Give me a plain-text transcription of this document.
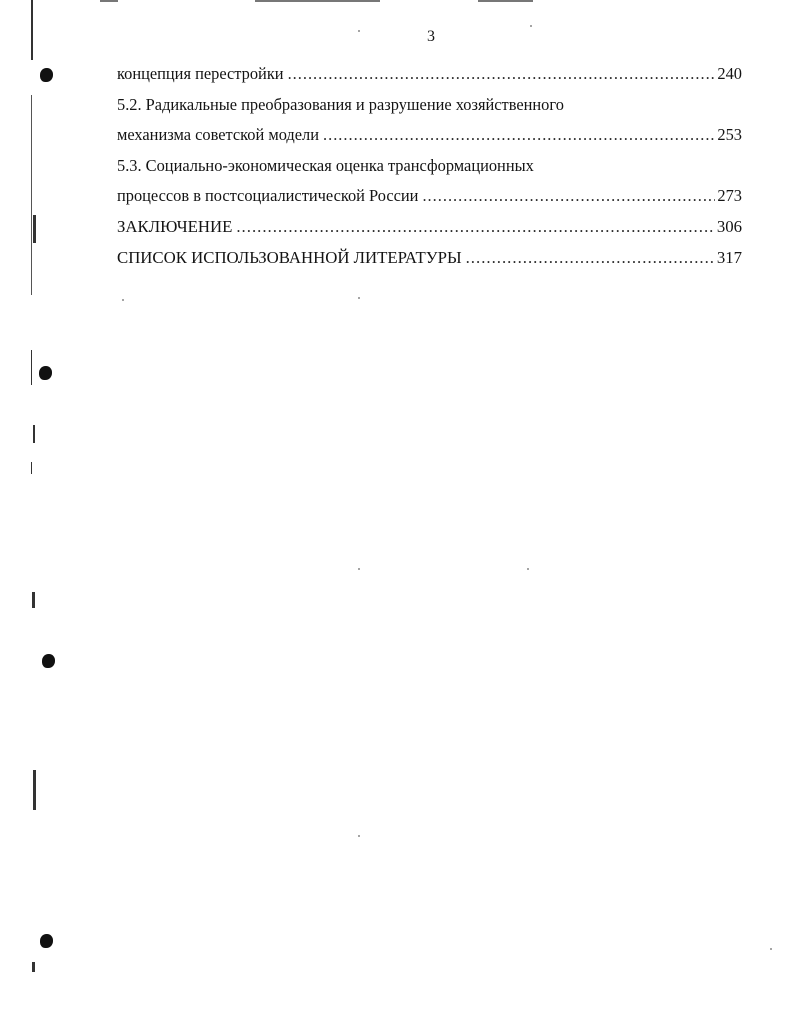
3
концепция перестройки .....	240
5.2. Радикальные преобразования и разрушение хозяйственного
механизма советской модели .....	253
5.3. Социально-экономическая оценка трансформационных
процессов в постсоциалистической России .....	273
ЗАКЛЮЧЕНИЕ .....	306
СПИСОК ИСПОЛЬЗОВАННОЙ ЛИТЕРАТУРЫ .....	317
